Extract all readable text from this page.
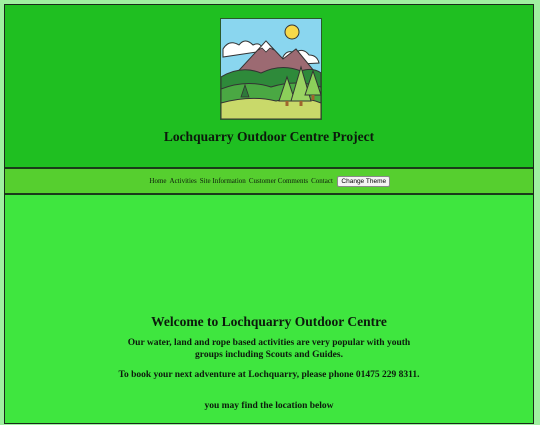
Lochquarry Outdoor Centre Project
Home Activities Site Information Customer Comments Contact	Change Theme
Welcome to Lochquarry Outdoor Centre
Our water, land and rope based activities are very popular with youth groups including Scouts and Guides.
To book your next adventure at Lochquarry, please phone 01475 229 8311.
you may find the location below
